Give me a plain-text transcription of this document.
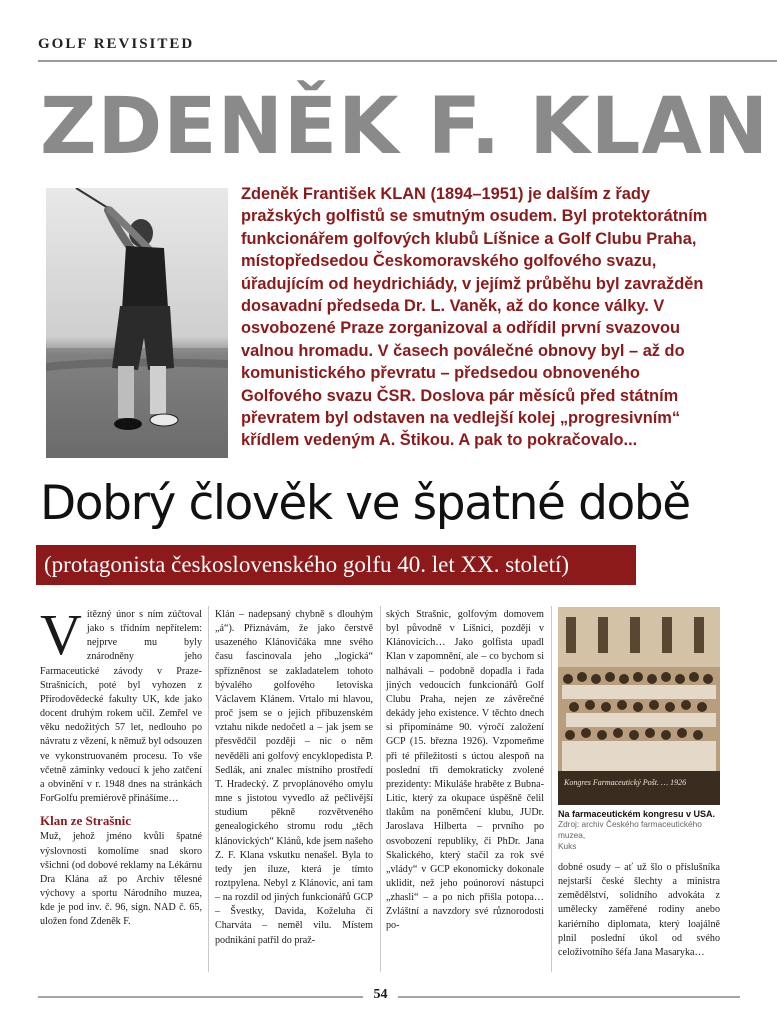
GOLF REVISITED
ZDENĚK F. KLAN
Zdeněk František KLAN (1894–1951) je dalším z řady pražských golfistů se smutným osudem. Byl protektorátním funkcionářem golfových klubů Líšnice a Golf Clubu Praha, místopředsedou Českomoravského golfového svazu, úřadujícím od heydrichiády, v jejímž průběhu byl zavražděn dosavadní předseda Dr. L. Vaněk, až do konce války. V osvobozené Praze zorganizoval a odřídil první svazovou valnou hromadu. V časech poválečné obnovy byl – až do komunistického převratu – předsedou obnoveného Golfového svazu ČSR. Doslova pár měsíců před státním převratem byl odstaven na vedlejší kolej „progresivním“ křídlem vedeným A. Štikou. A pak to pokračovalo...
Dobrý člověk ve špatné době
(protagonista československého golfu 40. let XX. století)
V ítězný únor s ním zúčtoval jako s třídním nepřítelem: nejprve mu byly znárodněny jeho Farmaceutické závody v Praze-Strašnicích, poté byl vyhozen z Přírodovědecké fakulty UK, kde jako docent druhým rokem učil. Zemřel ve věku nedožitých 57 let, nedlouho po návratu z vězení, k němuž byl odsouzen ve vykonstruovaném procesu. To vše včetně záminky vedoucí k jeho zatčení a obvinění v r. 1948 dnes na stránkách ForGolfu premiérově přinášíme…

Klan ze Strašnic

Muž, jehož jméno kvůli špatné výslovnosti komolíme snad skoro všichni (od dobové reklamy na Lékárnu Dra Klána až po Archiv tělesné výchovy a sportu Národního muzea, kde je pod inv. č. 96, sign. NAD č. 65, uložen fond Zdeněk F.

Klán – nadepsaný chybně s dlouhým „á“). Přiznávám, že jako čerstvě usazeného Klánovičáka mne svého času fascinovala jeho „logická“ spřízněnost se zakladatelem tohoto bývalého golfového letoviska Václavem Klánem. Vrtalo mi hlavou, proč jsem se o jejich příbuzenském vztahu nikde nedočetl a – jak jsem se přesvědčil později – nic o něm nevěděli ani golfový encyklopedista P. Sedlák, ani znalec místního prostředí T. Hradecký. Z prvoplánového omylu mne s jistotou vyvedlo až pečlivější studium pěkně rozvětveného genealogického stromu rodu „těch klánovických“ Klánů, kde jsem našeho Z. F. Klana vskutku nenašel. Byla to tedy jen iluze, která je tímto roztpylena. Nebyl z Klánovic, ani tam – na rozdíl od jiných funkcionářů GCP – Švestky, Davida, Koželuha či Charváta – neměl vilu. Místem podnikání patřil do praž-

ských Strašnic, golfovým domovem byl původně v Líšnici, později v Klánovicích… Jako golfista upadl Klan v zapomnění, ale – co bychom si nalhávali – podobně dopadla i řada jiných vedoucích funkcionářů Golf Clubu Praha, nejen ze závěrečné dekády jeho existence. V těchto dnech si připomínáme 90. výročí založení GCP (15. března 1926). Vzpomeňme při té příležitosti s úctou alespoň na poslední tři demokraticky zvolené prezidenty: Mikuláše hraběte z Bubna-Litic, který za okupace úspěšně čelil tlakům na poněmčení klubu, JUDr. Jaroslava Hilberta – prvního po osvobození republiky, či PhDr. Jana Skalického, který stačil za rok své „vlády“ v GCP ekonomicky dokonale uklidit, než jeho poúnoroví nástupci „zhasli“ – a po nich přišla potopa… Zvláštní a navzdory své různorodosti po-

Kongres Farmaceutický Pošt. … 1926
Na farmaceutickém kongresu v USA.
Zdroj: archiv Českého farmaceutického muzea,
Kuks

dobné osudy – ať už šlo o příslušníka nejstarší české šlechty a ministra zemědělství, solidního advokáta z umělecky zaměřené rodiny anebo kariérního diplomata, který loajálně plnil poslední úkol od svého celoživotního šéfa Jana Masaryka…

54
